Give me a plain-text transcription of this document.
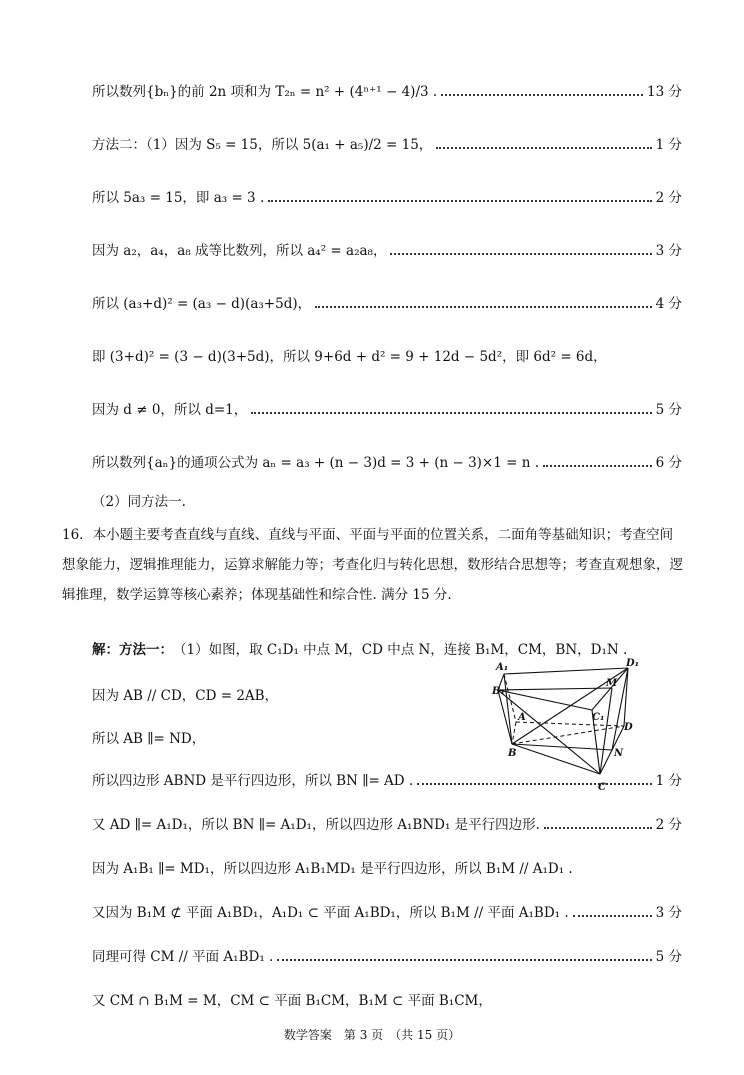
所以数列{bₙ}的前 2n 项和为 T₂ₙ = n² + (4ⁿ⁺¹ − 4)/3 .	13 分
方法二：（1）因为 S₅ = 15，所以 5(a₁ + a₅)/2 = 15，	1 分
所以 5a₃ = 15，即 a₃ = 3 .	2 分
因为 a₂，a₄，a₈ 成等比数列，所以 a₄² = a₂a₈，	3 分
所以 (a₃+d)² = (a₃ − d)(a₃+5d)，	4 分
即 (3+d)² = (3 − d)(3+5d)，所以 9+6d + d² = 9 + 12d − 5d²，即 6d² = 6d，
因为 d ≠ 0，所以 d=1，	5 分
所以数列{aₙ}的通项公式为 aₙ = a₃ + (n − 3)d = 3 + (n − 3)×1 = n .	6 分
（2）同方法一.
16．本小题主要考查直线与直线、直线与平面、平面与平面的位置关系，二面角等基础知识；考查空间想象能力，逻辑推理能力，运算求解能力等；考查化归与转化思想，数形结合思想等；考查直观想象，逻辑推理，数学运算等核心素养；体现基础性和综合性. 满分 15 分.
解：方法一： （1）如图，取 C₁D₁ 中点 M，CD 中点 N，连接 B₁M，CM，BN，D₁N .
因为 AB // CD，CD = 2AB，
所以 AB ∥= ND，
所以四边形 ABND 是平行四边形，所以 BN ∥= AD .	1 分
又 AD ∥= A₁D₁，所以 BN ∥= A₁D₁，所以四边形 A₁BND₁ 是平行四边形.	2 分
因为 A₁B₁ ∥= MD₁，所以四边形 A₁B₁MD₁ 是平行四边形，所以 B₁M // A₁D₁ .
又因为 B₁M ⊄ 平面 A₁BD₁，A₁D₁ ⊂ 平面 A₁BD₁，所以 B₁M // 平面 A₁BD₁ .	3 分
同理可得 CM // 平面 A₁BD₁ .	5 分
又 CM ∩ B₁M = M，CM ⊂ 平面 B₁CM，B₁M ⊂ 平面 B₁CM，
A₁	D₁
B₁
M
C₁
A
D
B	N
C
数学答案　第 3 页　（共 15 页）
